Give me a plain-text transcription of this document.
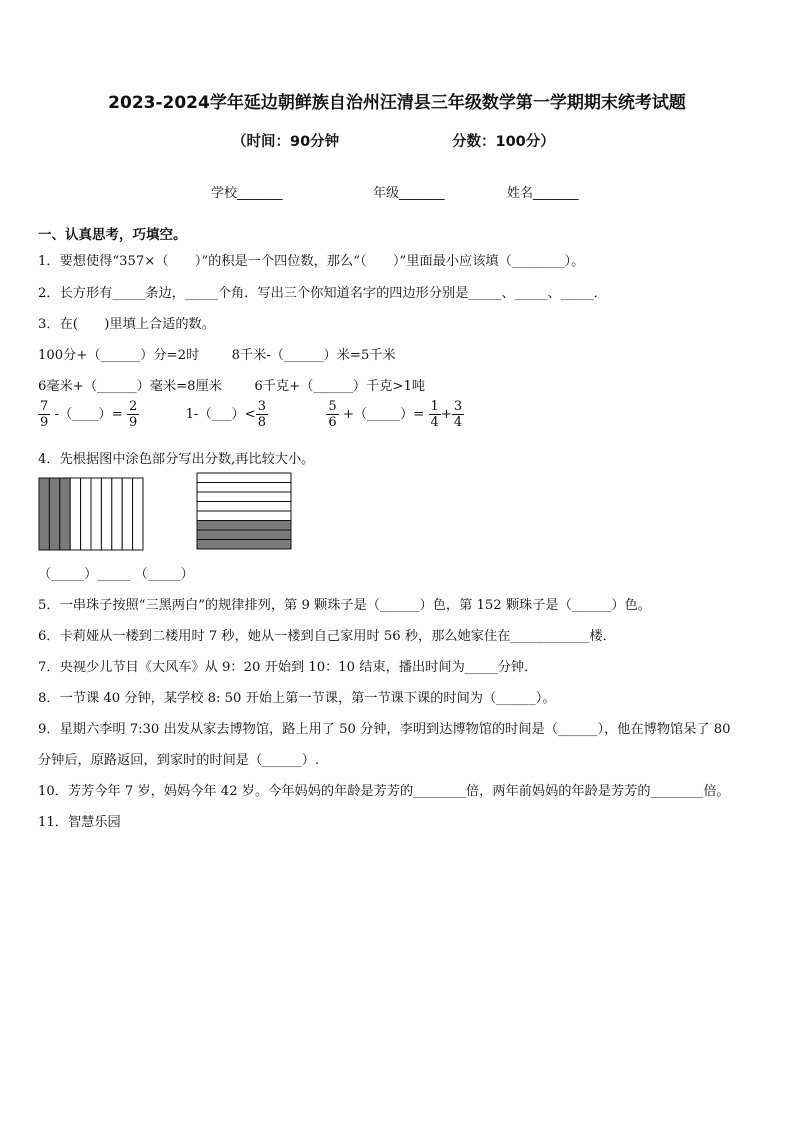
2023-2024学年延边朝鲜族自治州汪清县三年级数学第一学期期末统考试题
（时间：90分钟	分数：100分）
学校_______	年级_______	姓名_______
一、认真思考，巧填空。
1．要想使得“357×（　　）”的积是一个四位数，那么“（　　）”里面最小应该填（________）。
2．长方形有_____条边，_____个角．写出三个你知道名字的四边形分别是_____、_____、_____．
3．在(　　)里填上合适的数。
100分+（______）分=2时 8千米-（______）米=5千米
6毫米+（______）毫米=8厘米 6千克+（______）千克>1吨
$\frac{7}{9}$ -（____）= $\frac{2}{9}$	1-（___）< $\frac{3}{8}$
	$\frac{5}{6}$ +（_____）= $\frac{1}{4} + \frac{3}{4}$
4．先根据图中涂色部分写出分数,再比较大小。
（_____）_____ （_____）
5．一串珠子按照“三黑两白”的规律排列，第 9 颗珠子是（______）色，第 152 颗珠子是（______）色。
6．卡莉娅从一楼到二楼用时 7 秒，她从一楼到自己家用时 56 秒，那么她家住在____________楼．
7．央视少儿节目《大风车》从 9：20 开始到 10：10 结束，播出时间为_____分钟．
8．一节课 40 分钟，某学校 8: 50 开始上第一节课，第一节课下课的时间为（______）。
9．星期六李明 7:30 出发从家去博物馆，路上用了 50 分钟，李明到达博物馆的时间是（______），他在博物馆呆了 80
分钟后，原路返回，到家时的时间是（______）.
10．芳芳今年 7 岁，妈妈今年 42 岁。今年妈妈的年龄是芳芳的________倍，两年前妈妈的年龄是芳芳的________倍。
11．智慧乐园
